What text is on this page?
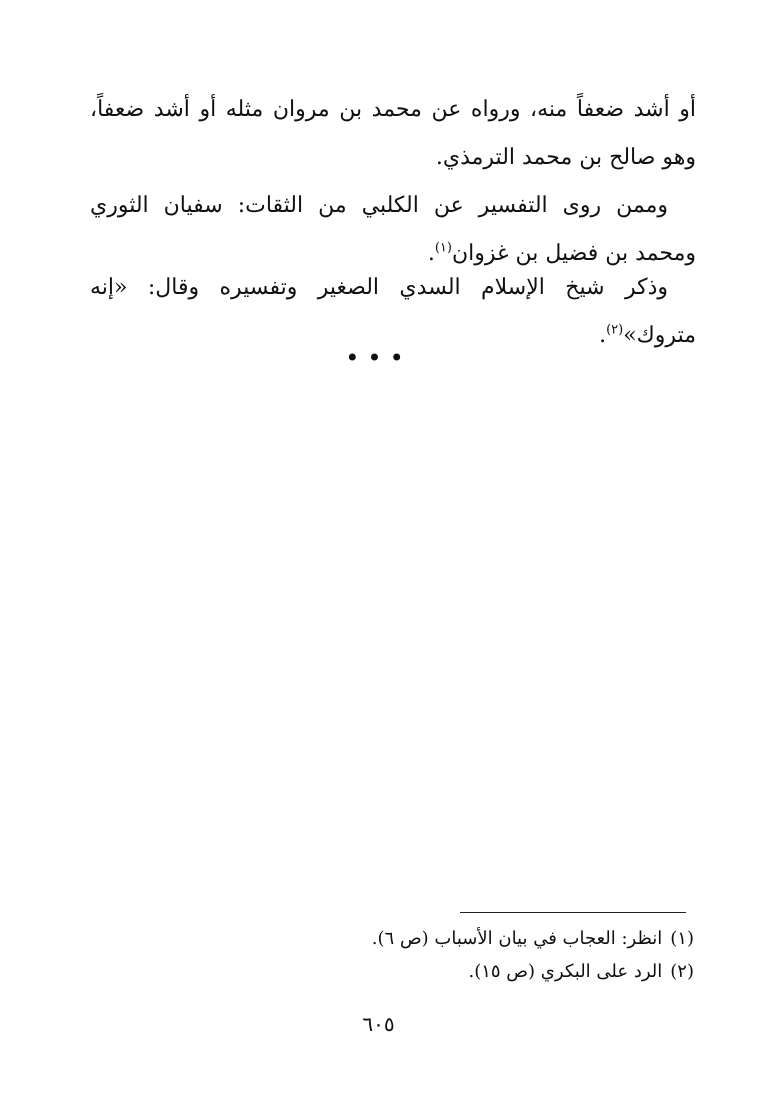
أو أشد ضعفاً منه، ورواه عن محمد بن مروان مثله أو أشد ضعفاً، وهو صالح بن محمد الترمذي.

وممن روى التفسير عن الكلبي من الثقات: سفيان الثوري ومحمد بن فضيل بن غزوان$^{(١)}$.

وذكر شيخ الإسلام السدي الصغير وتفسيره وقال: «إنه متروك»$^{(٢)}$.

•••

(١)انظر: العجاب في بيان الأسباب (ص ٦).

(٢)الرد على البكري (ص ١٥).

٦٠٥
